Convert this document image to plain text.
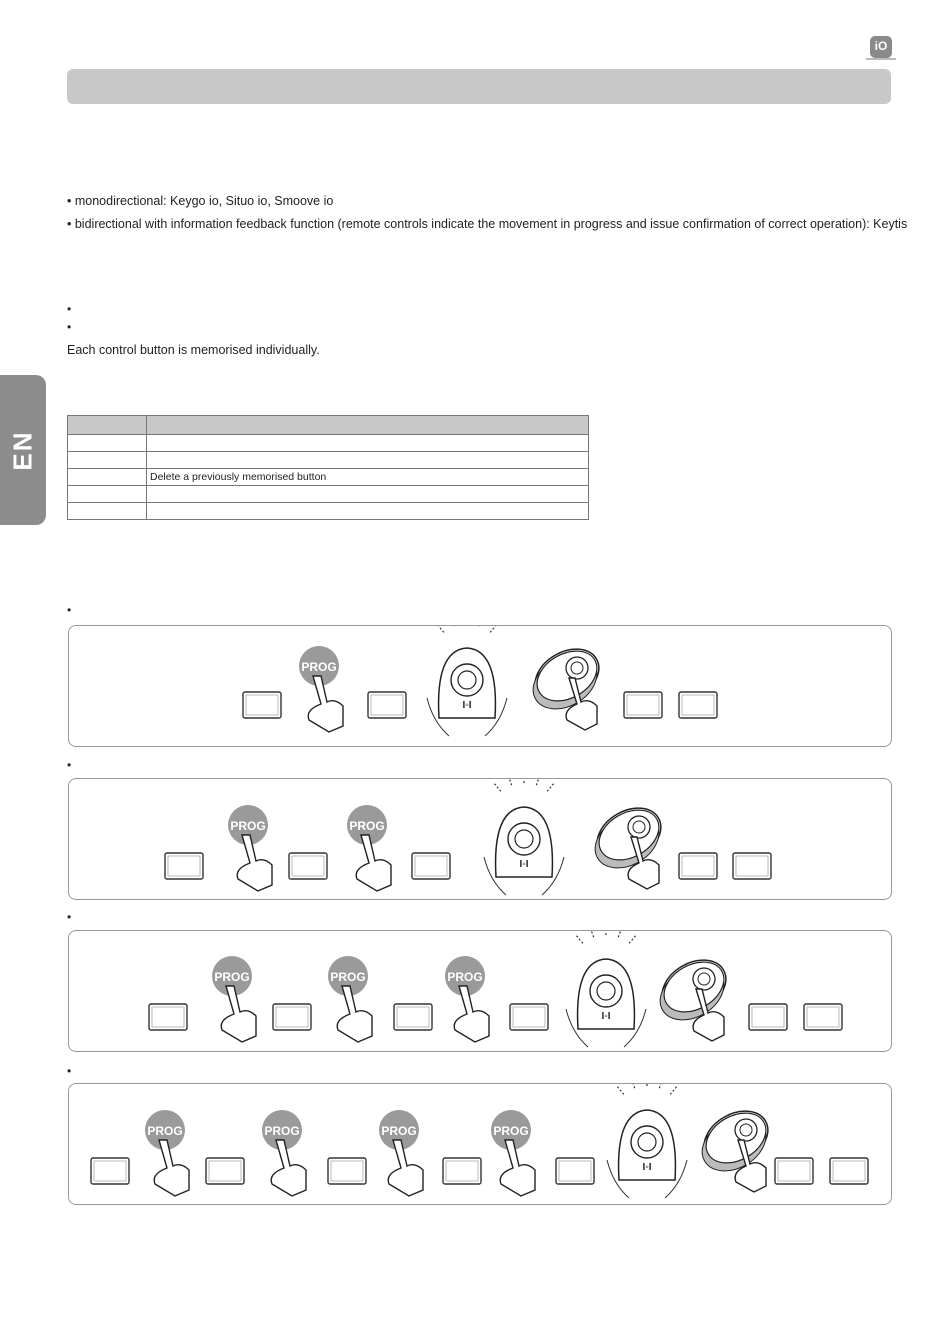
iO
• monodirectional: Keygo io, Situo io, Smoove io
• bidirectional with information feedback function (remote controls indicate the movement in progress and issue confirmation of correct operation): Keytis
•
•
Each control button is memorised individually.
EN

	Delete a previously memorised button

•
•
•
•
PROG
I◦I
PROG	PROG
I◦I
PROG	PROG	PROG
I◦I
PROG	PROG	PROG	PROG
I◦I
